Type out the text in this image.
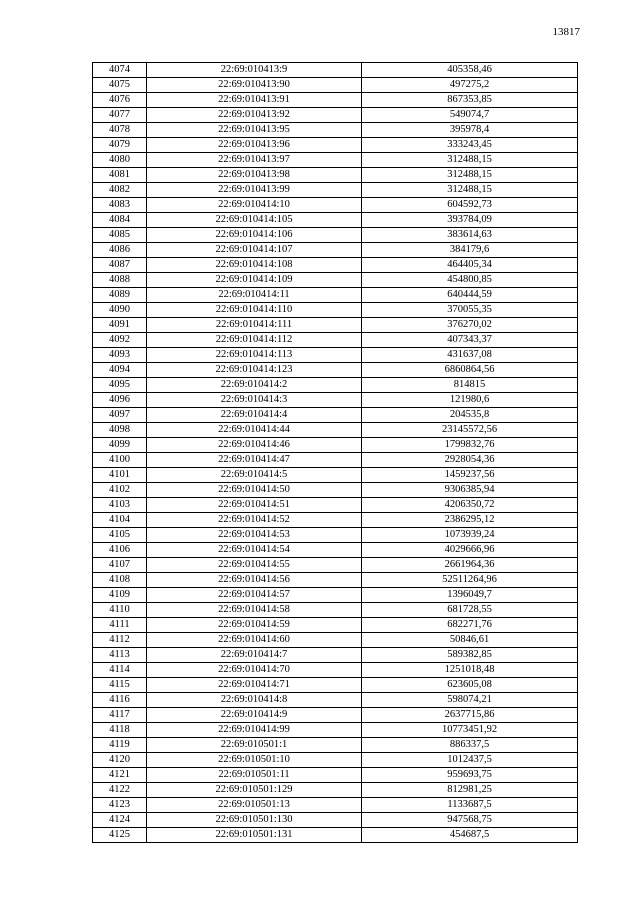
13817
4074	22:69:010413:9	405358,46
4075	22:69:010413:90	497275,2
4076	22:69:010413:91	867353,85
4077	22:69:010413:92	549074,7
4078	22:69:010413:95	395978,4
4079	22:69:010413:96	333243,45
4080	22:69:010413:97	312488,15
4081	22:69:010413:98	312488,15
4082	22:69:010413:99	312488,15
4083	22:69:010414:10	604592,73
4084	22:69:010414:105	393784,09
4085	22:69:010414:106	383614,63
4086	22:69:010414:107	384179,6
4087	22:69:010414:108	464405,34
4088	22:69:010414:109	454800,85
4089	22:69:010414:11	640444,59
4090	22:69:010414:110	370055,35
4091	22:69:010414:111	376270,02
4092	22:69:010414:112	407343,37
4093	22:69:010414:113	431637,08
4094	22:69:010414:123	6860864,56
4095	22:69:010414:2	814815
4096	22:69:010414:3	121980,6
4097	22:69:010414:4	204535,8
4098	22:69:010414:44	23145572,56
4099	22:69:010414:46	1799832,76
4100	22:69:010414:47	2928054,36
4101	22:69:010414:5	1459237,56
4102	22:69:010414:50	9306385,94
4103	22:69:010414:51	4206350,72
4104	22:69:010414:52	2386295,12
4105	22:69:010414:53	1073939,24
4106	22:69:010414:54	4029666,96
4107	22:69:010414:55	2661964,36
4108	22:69:010414:56	52511264,96
4109	22:69:010414:57	1396049,7
4110	22:69:010414:58	681728,55
4111	22:69:010414:59	682271,76
4112	22:69:010414:60	50846,61
4113	22:69:010414:7	589382,85
4114	22:69:010414:70	1251018,48
4115	22:69:010414:71	623605,08
4116	22:69:010414:8	598074,21
4117	22:69:010414:9	2637715,86
4118	22:69:010414:99	10773451,92
4119	22:69:010501:1	886337,5
4120	22:69:010501:10	1012437,5
4121	22:69:010501:11	959693,75
4122	22:69:010501:129	812981,25
4123	22:69:010501:13	1133687,5
4124	22:69:010501:130	947568,75
4125	22:69:010501:131	454687,5
